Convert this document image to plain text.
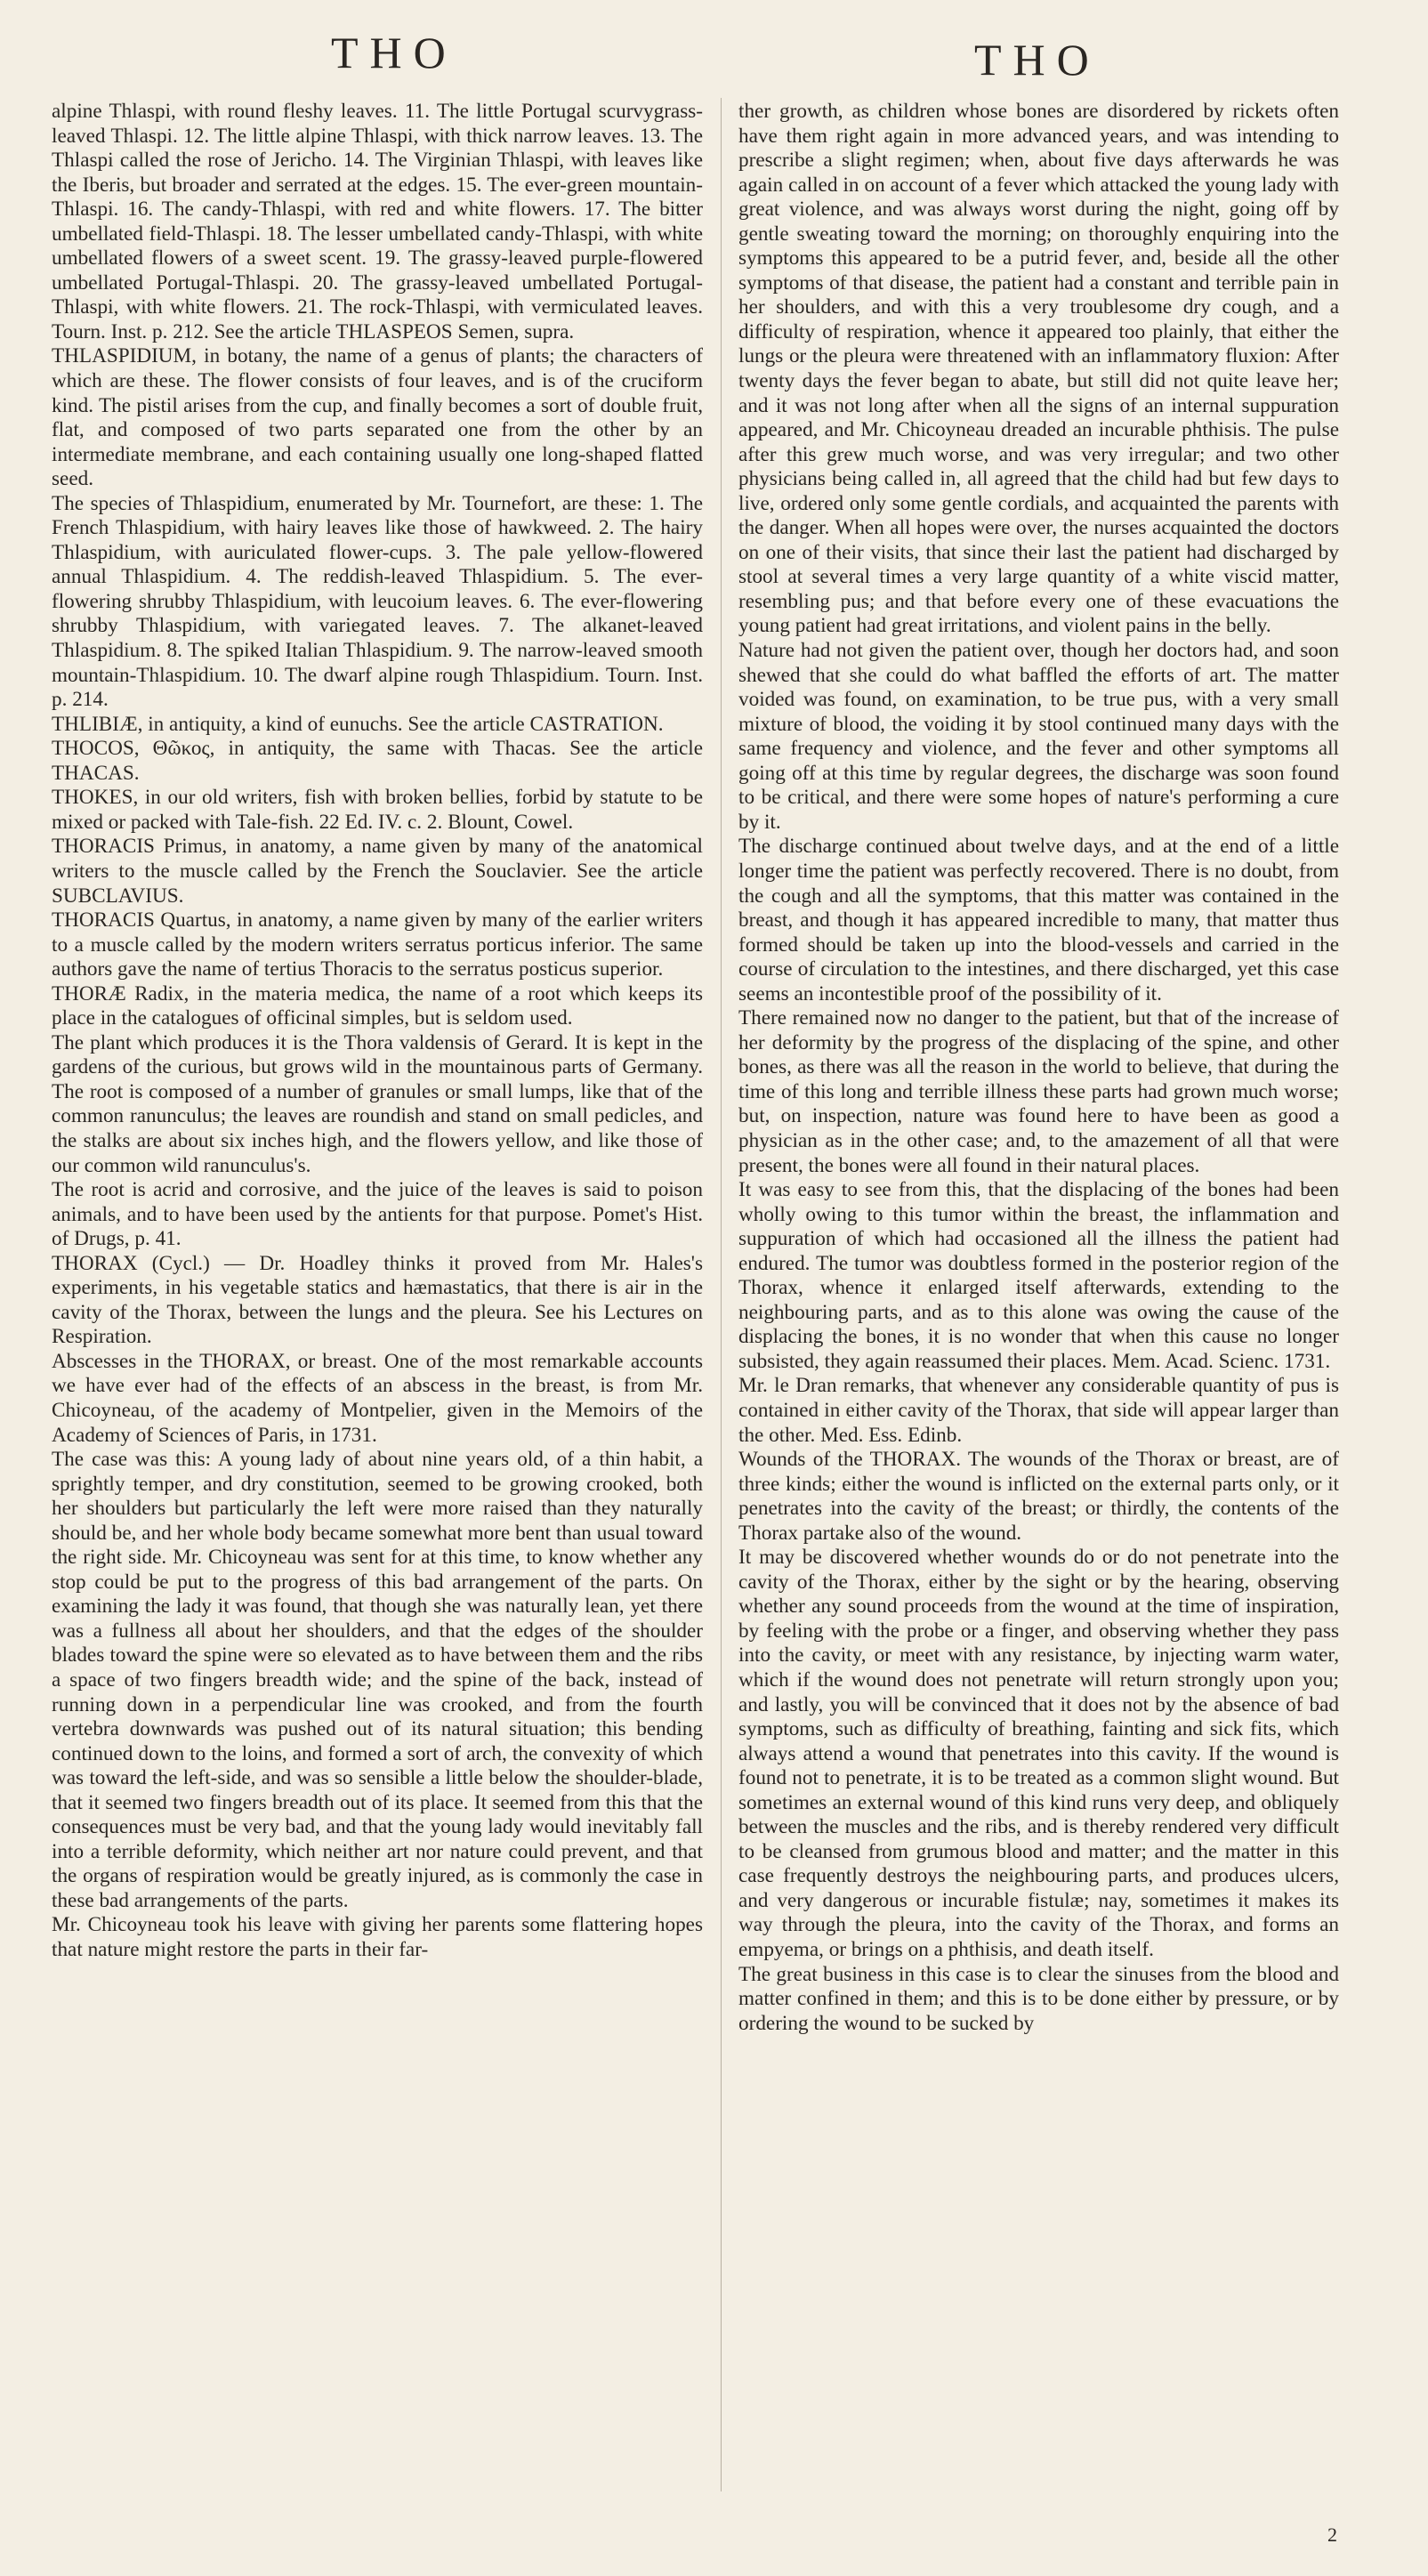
THO	THO

alpine Thlaspi, with round fleshy leaves. 11. The little Portugal scurvygrass-leaved Thlaspi. 12. The little alpine Thlaspi, with thick narrow leaves. 13. The Thlaspi called the rose of Jericho. 14. The Virginian Thlaspi, with leaves like the Iberis, but broader and serrated at the edges. 15. The ever-green mountain-Thlaspi. 16. The candy-Thlaspi, with red and white flowers. 17. The bitter umbellated field-Thlaspi. 18. The lesser umbellated candy-Thlaspi, with white umbellated flowers of a sweet scent. 19. The grassy-leaved purple-flowered umbellated Portugal-Thlaspi. 20. The grassy-leaved umbellated Portugal-Thlaspi, with white flowers. 21. The rock-Thlaspi, with vermiculated leaves. Tourn. Inst. p. 212. See the article THLASPEOS Semen, supra.

THLASPIDIUM, in botany, the name of a genus of plants; the characters of which are these. The flower consists of four leaves, and is of the cruciform kind. The pistil arises from the cup, and finally becomes a sort of double fruit, flat, and composed of two parts separated one from the other by an intermediate membrane, and each containing usually one long-shaped flatted seed.

The species of Thlaspidium, enumerated by Mr. Tournefort, are these: 1. The French Thlaspidium, with hairy leaves like those of hawkweed. 2. The hairy Thlaspidium, with auriculated flower-cups. 3. The pale yellow-flowered annual Thlaspidium. 4. The reddish-leaved Thlaspidium. 5. The ever-flowering shrubby Thlaspidium, with leucoium leaves. 6. The ever-flowering shrubby Thlaspidium, with variegated leaves. 7. The alkanet-leaved Thlaspidium. 8. The spiked Italian Thlaspidium. 9. The narrow-leaved smooth mountain-Thlaspidium. 10. The dwarf alpine rough Thlaspidium. Tourn. Inst. p. 214.

THLIBIÆ, in antiquity, a kind of eunuchs. See the article CASTRATION.

THOCOS, Θῶκος, in antiquity, the same with Thacas. See the article THACAS.

THOKES, in our old writers, fish with broken bellies, forbid by statute to be mixed or packed with Tale-fish. 22 Ed. IV. c. 2. Blount, Cowel.

THORACIS Primus, in anatomy, a name given by many of the anatomical writers to the muscle called by the French the Souclavier. See the article SUBCLAVIUS.

THORACIS Quartus, in anatomy, a name given by many of the earlier writers to a muscle called by the modern writers serratus porticus inferior. The same authors gave the name of tertius Thoracis to the serratus posticus superior.

THORÆ Radix, in the materia medica, the name of a root which keeps its place in the catalogues of officinal simples, but is seldom used.

The plant which produces it is the Thora valdensis of Gerard. It is kept in the gardens of the curious, but grows wild in the mountainous parts of Germany. The root is composed of a number of granules or small lumps, like that of the common ranunculus; the leaves are roundish and stand on small pedicles, and the stalks are about six inches high, and the flowers yellow, and like those of our common wild ranunculus's.

The root is acrid and corrosive, and the juice of the leaves is said to poison animals, and to have been used by the antients for that purpose. Pomet's Hist. of Drugs, p. 41.

THORAX (Cycl.) — Dr. Hoadley thinks it proved from Mr. Hales's experiments, in his vegetable statics and hæmastatics, that there is air in the cavity of the Thorax, between the lungs and the pleura. See his Lectures on Respiration.

Abscesses in the THORAX, or breast. One of the most remarkable accounts we have ever had of the effects of an abscess in the breast, is from Mr. Chicoyneau, of the academy of Montpelier, given in the Memoirs of the Academy of Sciences of Paris, in 1731.

The case was this: A young lady of about nine years old, of a thin habit, a sprightly temper, and dry constitution, seemed to be growing crooked, both her shoulders but particularly the left were more raised than they naturally should be, and her whole body became somewhat more bent than usual toward the right side. Mr. Chicoyneau was sent for at this time, to know whether any stop could be put to the progress of this bad arrangement of the parts. On examining the lady it was found, that though she was naturally lean, yet there was a fullness all about her shoulders, and that the edges of the shoulder blades toward the spine were so elevated as to have between them and the ribs a space of two fingers breadth wide; and the spine of the back, instead of running down in a perpendicular line was crooked, and from the fourth vertebra downwards was pushed out of its natural situation; this bending continued down to the loins, and formed a sort of arch, the convexity of which was toward the left-side, and was so sensible a little below the shoulder-blade, that it seemed two fingers breadth out of its place. It seemed from this that the consequences must be very bad, and that the young lady would inevitably fall into a terrible deformity, which neither art nor nature could prevent, and that the organs of respiration would be greatly injured, as is commonly the case in these bad arrangements of the parts.

Mr. Chicoyneau took his leave with giving her parents some flattering hopes that nature might restore the parts in their far-

ther growth, as children whose bones are disordered by rickets often have them right again in more advanced years, and was intending to prescribe a slight regimen; when, about five days afterwards he was again called in on account of a fever which attacked the young lady with great violence, and was always worst during the night, going off by gentle sweating toward the morning; on thoroughly enquiring into the symptoms this appeared to be a putrid fever, and, beside all the other symptoms of that disease, the patient had a constant and terrible pain in her shoulders, and with this a very troublesome dry cough, and a difficulty of respiration, whence it appeared too plainly, that either the lungs or the pleura were threatened with an inflammatory fluxion: After twenty days the fever began to abate, but still did not quite leave her; and it was not long after when all the signs of an internal suppuration appeared, and Mr. Chicoyneau dreaded an incurable phthisis. The pulse after this grew much worse, and was very irregular; and two other physicians being called in, all agreed that the child had but few days to live, ordered only some gentle cordials, and acquainted the parents with the danger. When all hopes were over, the nurses acquainted the doctors on one of their visits, that since their last the patient had discharged by stool at several times a very large quantity of a white viscid matter, resembling pus; and that before every one of these evacuations the young patient had great irritations, and violent pains in the belly.

Nature had not given the patient over, though her doctors had, and soon shewed that she could do what baffled the efforts of art. The matter voided was found, on examination, to be true pus, with a very small mixture of blood, the voiding it by stool continued many days with the same frequency and violence, and the fever and other symptoms all going off at this time by regular degrees, the discharge was soon found to be critical, and there were some hopes of nature's performing a cure by it.

The discharge continued about twelve days, and at the end of a little longer time the patient was perfectly recovered. There is no doubt, from the cough and all the symptoms, that this matter was contained in the breast, and though it has appeared incredible to many, that matter thus formed should be taken up into the blood-vessels and carried in the course of circulation to the intestines, and there discharged, yet this case seems an incontestible proof of the possibility of it.

There remained now no danger to the patient, but that of the increase of her deformity by the progress of the displacing of the spine, and other bones, as there was all the reason in the world to believe, that during the time of this long and terrible illness these parts had grown much worse; but, on inspection, nature was found here to have been as good a physician as in the other case; and, to the amazement of all that were present, the bones were all found in their natural places.

It was easy to see from this, that the displacing of the bones had been wholly owing to this tumor within the breast, the inflammation and suppuration of which had occasioned all the illness the patient had endured. The tumor was doubtless formed in the posterior region of the Thorax, whence it enlarged itself afterwards, extending to the neighbouring parts, and as to this alone was owing the cause of the displacing the bones, it is no wonder that when this cause no longer subsisted, they again reassumed their places. Mem. Acad. Scienc. 1731.

Mr. le Dran remarks, that whenever any considerable quantity of pus is contained in either cavity of the Thorax, that side will appear larger than the other. Med. Ess. Edinb.

Wounds of the THORAX. The wounds of the Thorax or breast, are of three kinds; either the wound is inflicted on the external parts only, or it penetrates into the cavity of the breast; or thirdly, the contents of the Thorax partake also of the wound.

It may be discovered whether wounds do or do not penetrate into the cavity of the Thorax, either by the sight or by the hearing, observing whether any sound proceeds from the wound at the time of inspiration, by feeling with the probe or a finger, and observing whether they pass into the cavity, or meet with any resistance, by injecting warm water, which if the wound does not penetrate will return strongly upon you; and lastly, you will be convinced that it does not by the absence of bad symptoms, such as difficulty of breathing, fainting and sick fits, which always attend a wound that penetrates into this cavity. If the wound is found not to penetrate, it is to be treated as a common slight wound. But sometimes an external wound of this kind runs very deep, and obliquely between the muscles and the ribs, and is thereby rendered very difficult to be cleansed from grumous blood and matter; and the matter in this case frequently destroys the neighbouring parts, and produces ulcers, and very dangerous or incurable fistulæ; nay, sometimes it makes its way through the pleura, into the cavity of the Thorax, and forms an empyema, or brings on a phthisis, and death itself.

The great business in this case is to clear the sinuses from the blood and matter confined in them; and this is to be done either by pressure, or by ordering the wound to be sucked by

2
